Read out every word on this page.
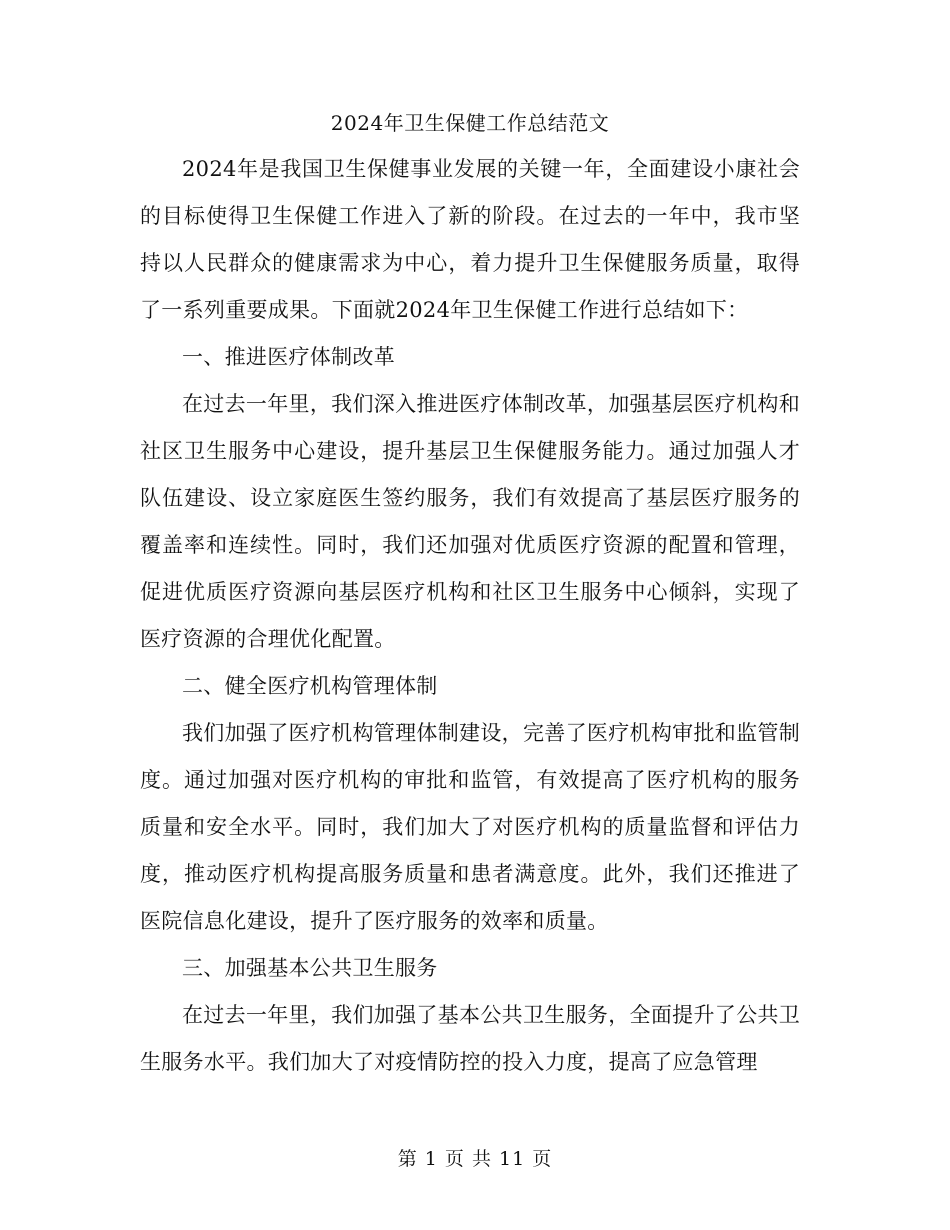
2024年卫生保健工作总结范文

2024年是我国卫生保健事业发展的关键一年，全面建设小康社会的目标使得卫生保健工作进入了新的阶段。在过去的一年中，我市坚持以人民群众的健康需求为中心，着力提升卫生保健服务质量，取得了一系列重要成果。下面就2024年卫生保健工作进行总结如下：

一、推进医疗体制改革

在过去一年里，我们深入推进医疗体制改革，加强基层医疗机构和社区卫生服务中心建设，提升基层卫生保健服务能力。通过加强人才队伍建设、设立家庭医生签约服务，我们有效提高了基层医疗服务的覆盖率和连续性。同时，我们还加强对优质医疗资源的配置和管理，促进优质医疗资源向基层医疗机构和社区卫生服务中心倾斜，实现了医疗资源的合理优化配置。

二、健全医疗机构管理体制

我们加强了医疗机构管理体制建设，完善了医疗机构审批和监管制度。通过加强对医疗机构的审批和监管，有效提高了医疗机构的服务质量和安全水平。同时，我们加大了对医疗机构的质量监督和评估力度，推动医疗机构提高服务质量和患者满意度。此外，我们还推进了医院信息化建设，提升了医疗服务的效率和质量。

三、加强基本公共卫生服务

在过去一年里，我们加强了基本公共卫生服务，全面提升了公共卫生服务水平。我们加大了对疫情防控的投入力度，提高了应急管理

第 1 页 共 11 页
